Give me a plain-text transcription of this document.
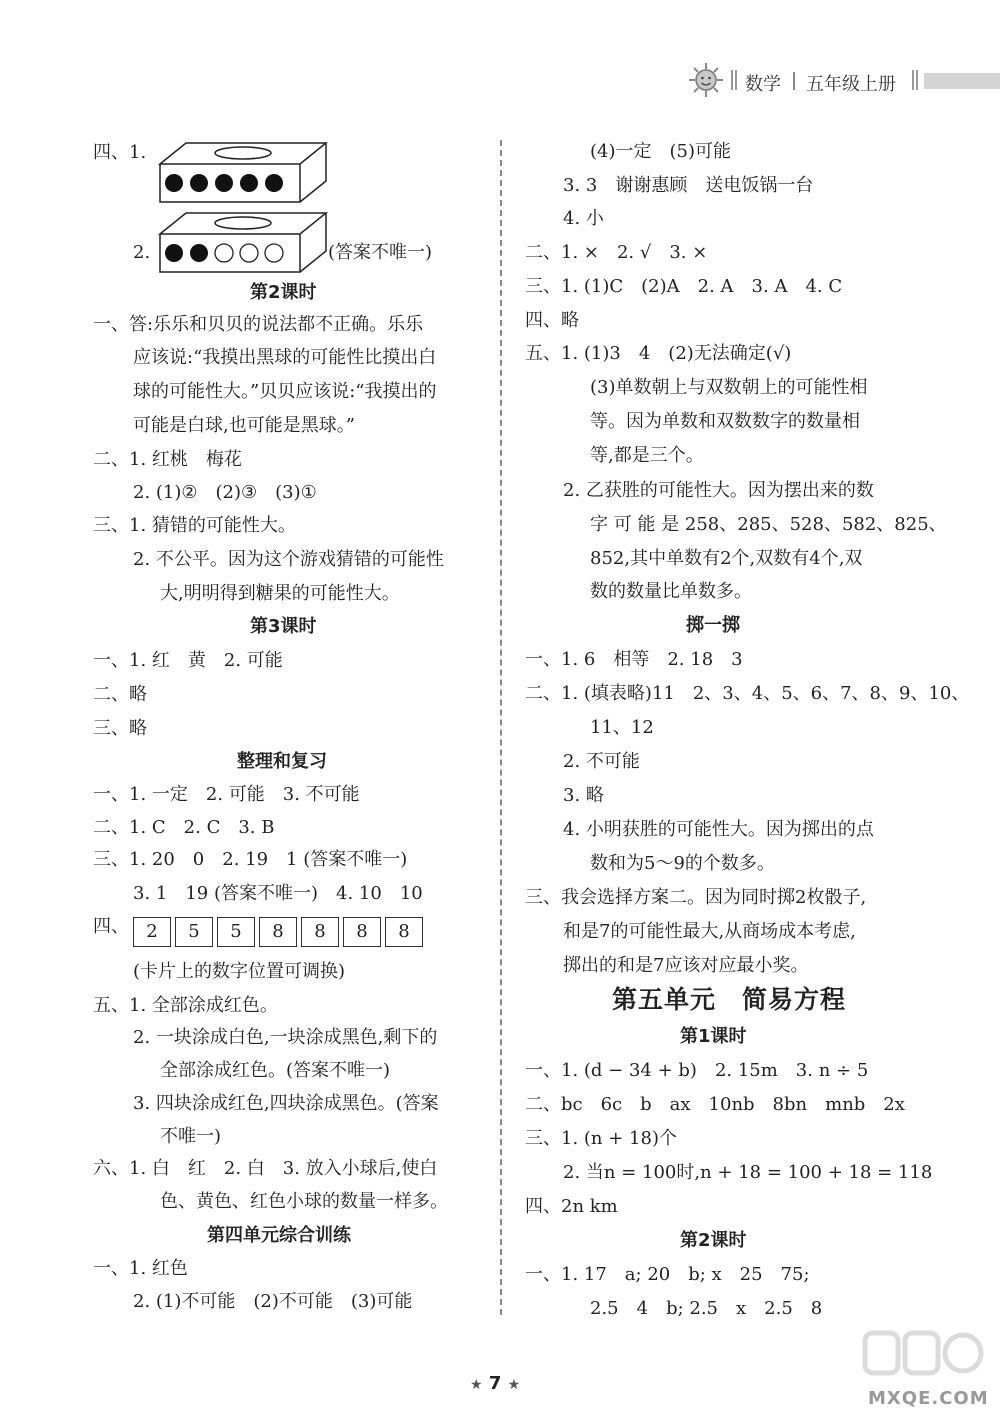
数学 五年级上册
四、1.
2.	(答案不唯一)
第2课时
一、答:乐乐和贝贝的说法都不正确。乐乐
应该说:“我摸出黑球的可能性比摸出白
球的可能性大。”贝贝应该说:“我摸出的
可能是白球,也可能是黑球。”
二、1. 红桃　梅花
2. (1)②　(2)③　(3)①
三、1. 猜错的可能性大。
2. 不公平。因为这个游戏猜错的可能性
大,明明得到糖果的可能性大。
第3课时
一、1. 红　黄　2. 可能
二、略
三、略
整理和复习
一、1. 一定　2. 可能　3. 不可能
二、1. C　2. C　3. B
三、1. 20　0　2. 19　1 (答案不唯一)
3. 1　19 (答案不唯一)　4. 10　10
四、
(卡片上的数字位置可调换)
五、1. 全部涂成红色。
2. 一块涂成白色,一块涂成黑色,剩下的
全部涂成红色。(答案不唯一)
3. 四块涂成红色,四块涂成黑色。(答案
不唯一)
六、1. 白　红　2. 白　3. 放入小球后,使白
色、黄色、红色小球的数量一样多。
第四单元综合训练
一、1. 红色
2. (1)不可能　(2)不可能　(3)可能
2	5	5	8	8	8	8
(4)一定　(5)可能
3. 3　谢谢惠顾　送电饭锅一台
4. 小
二、1. ×　2. √　3. ×
三、1. (1)C　(2)A　2. A　3. A　4. C
四、略
五、1. (1)3　4　(2)无法确定(√)
(3)单数朝上与双数朝上的可能性相
等。因为单数和双数数字的数量相
等,都是三个。
2. 乙获胜的可能性大。因为摆出来的数
字 可 能 是 258、285、528、582、825、
852,其中单数有2个,双数有4个,双
数的数量比单数多。
掷一掷
一、1. 6　相等　2. 18　3
二、1. (填表略)11　2、3、4、5、6、7、8、9、10、
11、12
2. 不可能
3. 略
4. 小明获胜的可能性大。因为掷出的点
数和为5～9的个数多。
三、我会选择方案二。因为同时掷2枚骰子,
和是7的可能性最大,从商场成本考虑,
掷出的和是7应该对应最小奖。
第五单元　简易方程
第1课时
一、1. (d − 34 + b)　2. 15m　3. n ÷ 5
二、bc　6c　b　ax　10nb　8bn　mnb　2x
三、1. (n + 18)个
2. 当n = 100时,n + 18 = 100 + 18 = 118
四、2n km
第2课时
一、1. 17　a; 20　b; x　25　75;
2.5　4　b; 2.5　x　2.5　8
★ 7 ★
MXQE.COM
